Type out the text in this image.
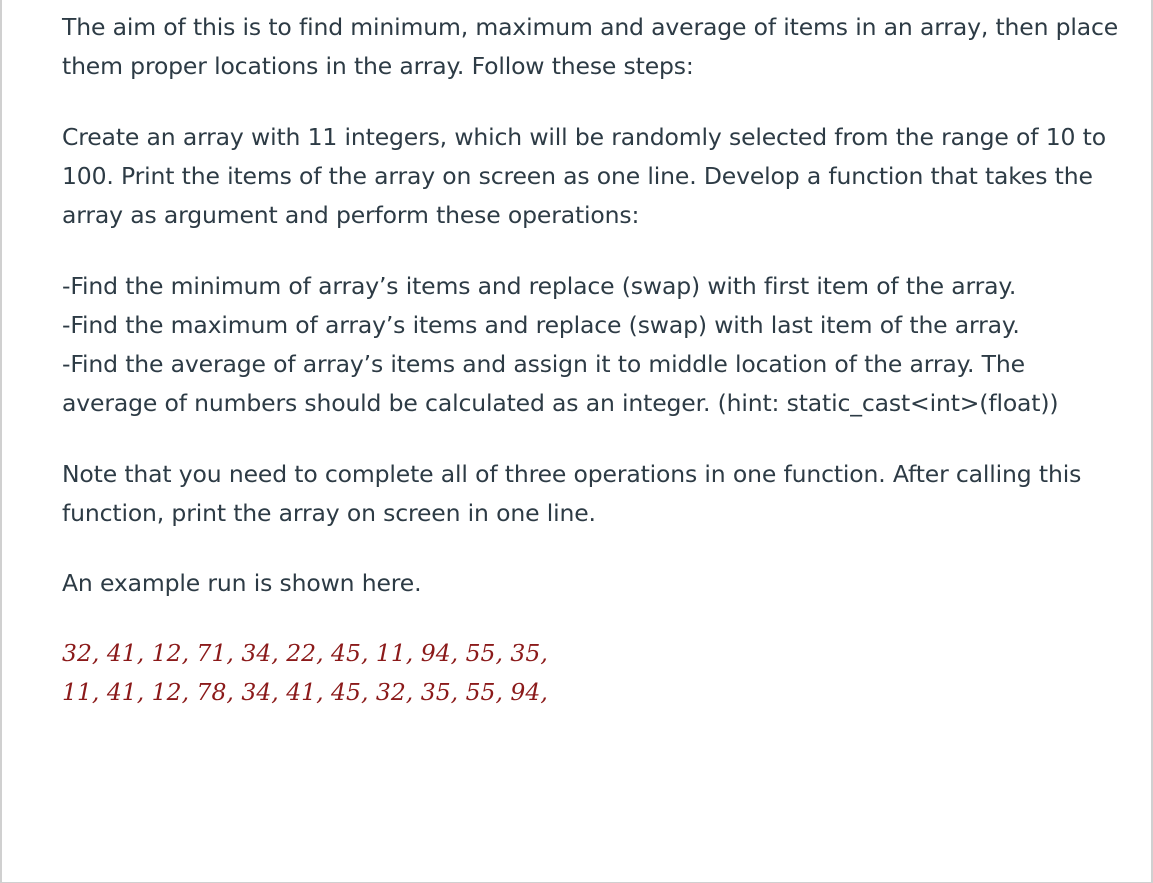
The aim of this is to find minimum, maximum and average of items in an array, then place them proper locations in the array. Follow these steps:

Create an array with 11 integers, which will be randomly selected from the range of 10 to 100. Print the items of the array on screen as one line. Develop a function that takes the array as argument and perform these operations:

-Find the minimum of array’s items and replace (swap) with first item of the array.

-Find the maximum of array’s items and replace (swap) with last item of the array.

-Find the average of array’s items and assign it to middle location of the array. The average of numbers should be calculated as an integer. (hint: static_cast<int>(float))

Note that you need to complete all of three operations in one function. After calling this function, print the array on screen in one line.

An example run is shown here.

32, 41, 12, 71, 34, 22, 45, 11, 94, 55, 35,
11, 41, 12, 78, 34, 41, 45, 32, 35, 55, 94,
